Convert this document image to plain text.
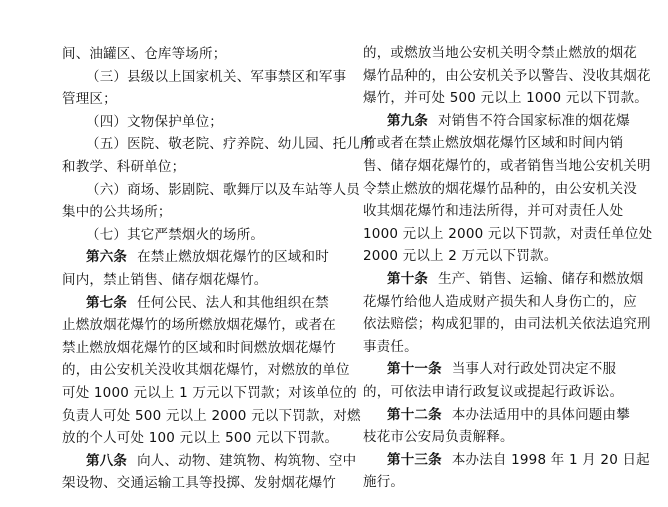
间、油罐区、仓库等场所；
（三）县级以上国家机关、军事禁区和军事
管理区；
（四）文物保护单位；
（五）医院、敬老院、疗养院、幼儿园、托儿所
和教学、科研单位；
（六）商场、影剧院、歌舞厅以及车站等人员
集中的公共场所；
（七）其它严禁烟火的场所。
第六条 在禁止燃放烟花爆竹的区域和时
间内，禁止销售、储存烟花爆竹。
第七条 任何公民、法人和其他组织在禁
止燃放烟花爆竹的场所燃放烟花爆竹，或者在
禁止燃放烟花爆竹的区域和时间燃放烟花爆竹
的，由公安机关没收其烟花爆竹，对燃放的单位
可处 1000 元以上 1 万元以下罚款；对该单位的
负责人可处 500 元以上 2000 元以下罚款，对燃
放的个人可处 100 元以上 500 元以下罚款。
第八条 向人、动物、建筑物、构筑物、空中
架设物、交通运输工具等投掷、发射烟花爆竹
的，或燃放当地公安机关明令禁止燃放的烟花
爆竹品种的，由公安机关予以警告、没收其烟花
爆竹，并可处 500 元以上 1000 元以下罚款。
第九条 对销售不符合国家标准的烟花爆
竹或者在禁止燃放烟花爆竹区域和时间内销
售、储存烟花爆竹的，或者销售当地公安机关明
令禁止燃放的烟花爆竹品种的，由公安机关没
收其烟花爆竹和违法所得，并可对责任人处
1000 元以上 2000 元以下罚款，对责任单位处
2000 元以上 2 万元以下罚款。
第十条 生产、销售、运输、储存和燃放烟
花爆竹给他人造成财产损失和人身伤亡的，应
依法赔偿；构成犯罪的，由司法机关依法追究刑
事责任。
第十一条 当事人对行政处罚决定不服
的，可依法申请行政复议或提起行政诉讼。
第十二条 本办法适用中的具体问题由攀
枝花市公安局负责解释。
第十三条 本办法自 1998 年 1 月 20 日起
施行。
